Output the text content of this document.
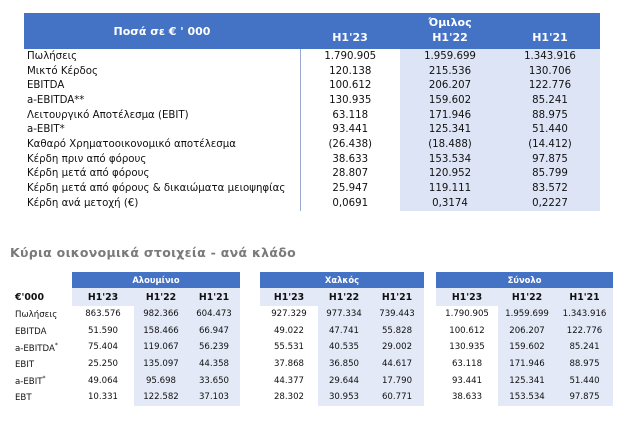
Ποσά σε € ' 000		Όμιλος	
	H1'23	H1'22	H1'21

Πωλήσεις	1.790.905	1.959.699	1.343.916
Μικτό Κέρδος	120.138	215.536	130.706
EBITDA	100.612	206.207	122.776
a-EBITDA**	130.935	159.602	85.241
Λειτουργικό Αποτέλεσμα (EBIT)	63.118	171.946	88.975
a-EBIT*	93.441	125.341	51.440
Καθαρό Χρηματοοικονομικό αποτέλεσμα	(26.438)	(18.488)	(14.412)
Κέρδη πριν από φόρους	38.633	153.534	97.875
Κέρδη μετά από φόρους	28.807	120.952	85.799
Κέρδη μετά από φόρους & δικαιώματα μειοψηφίας	25.947	119.111	83.572
Κέρδη ανά μετοχή (€)	0,0691	0,3174	0,2227
Κύρια οικονομικά στοιχεία - ανά κλάδο
	Αλουμίνιο				Χαλκός				Σύνολο		
€'000	H1'23	H1'22	H1'21		H1'23	H1'22	H1'21		H1'23	H1'22	H1'21
Πωλήσεις	863.576	982.366	604.473		927.329	977.334	739.443		1.790.905	1.959.699	1.343.916
EBITDA	51.590	158.466	66.947		49.022	47.741	55.828		100.612	206.207	122.776
a-EBITDA*	75.404	119.067	56.239		55.531	40.535	29.002		130.935	159.602	85.241
EBIT	25.250	135.097	44.358		37.868	36.850	44.617		63.118	171.946	88.975
a-EBIT*	49.064	95.698	33.650		44.377	29.644	17.790		93.441	125.341	51.440
EBT	10.331	122.582	37.103		28.302	30.953	60.771		38.633	153.534	97.875
